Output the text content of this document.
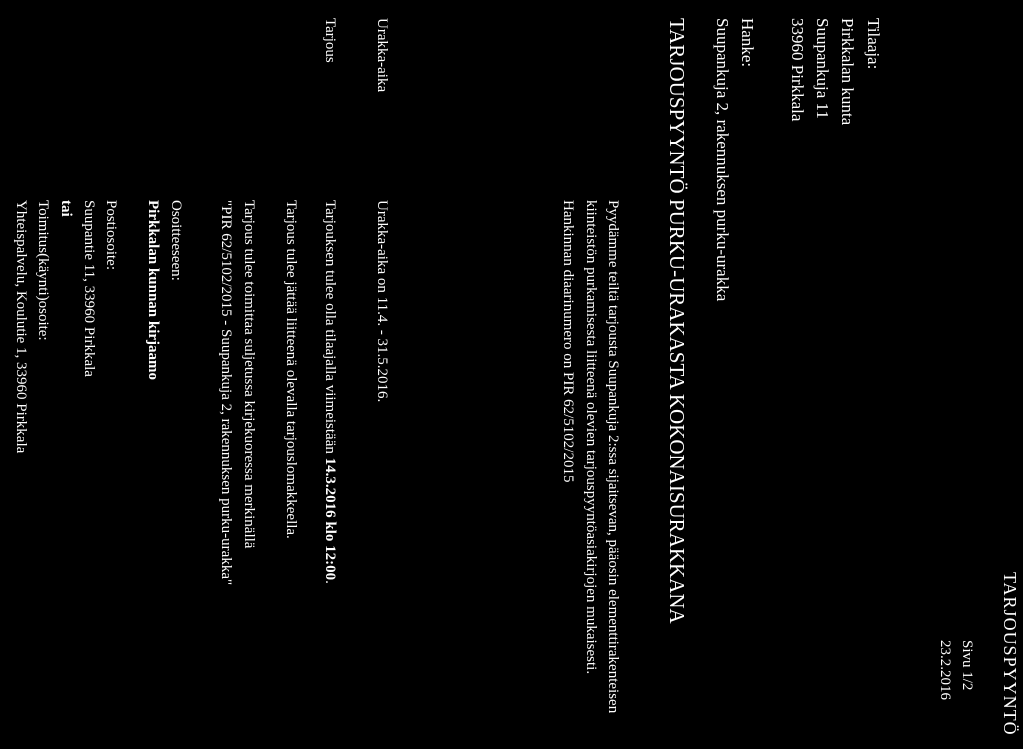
TARJOUSPYYNTÖ
Sivu 1/2
23.2.2016
Tilaaja:
Pirkkalan kunta
Suupankuja 11
33960 Pirkkala
Hanke:
Suupankuja 2, rakennuksen purku-urakka
TARJOUSPYYNTÖ PURKU-URAKASTA KOKONAISURAKKANA
Pyydämme teiltä tarjousta Suupankuja 2:ssa sijaitsevan, pääosin elementtirakenteisen
kiinteistön purkamisesta liitteenä olevien tarjouspyyntöasiakirjojen mukaisesti.
Hankinnan diaarinumero on PIR 62/5102/2015
Urakka-aika
Urakka-aika on 11.4. - 31.5.2016.
Tarjous
Tarjouksen tulee olla tilaajalla viimeistään 14.3.2016 klo 12:00.
Tarjous tulee jättää liitteenä olevalla tarjouslomakkeella.
Tarjous tulee toimittaa suljetussa kirjekuoressa merkinällä
"PIR 62/5102/2015 - Suupankuja 2, rakennuksen purku-urakka"
Osoitteeseen:
Pirkkalan kunnan kirjaamo
Postiosoite:
Suupantie 11, 33960 Pirkkala
tai
Toimitus(käynti)osoite:
Yhteispalvelu, Koulutie 1, 33960 Pirkkala
